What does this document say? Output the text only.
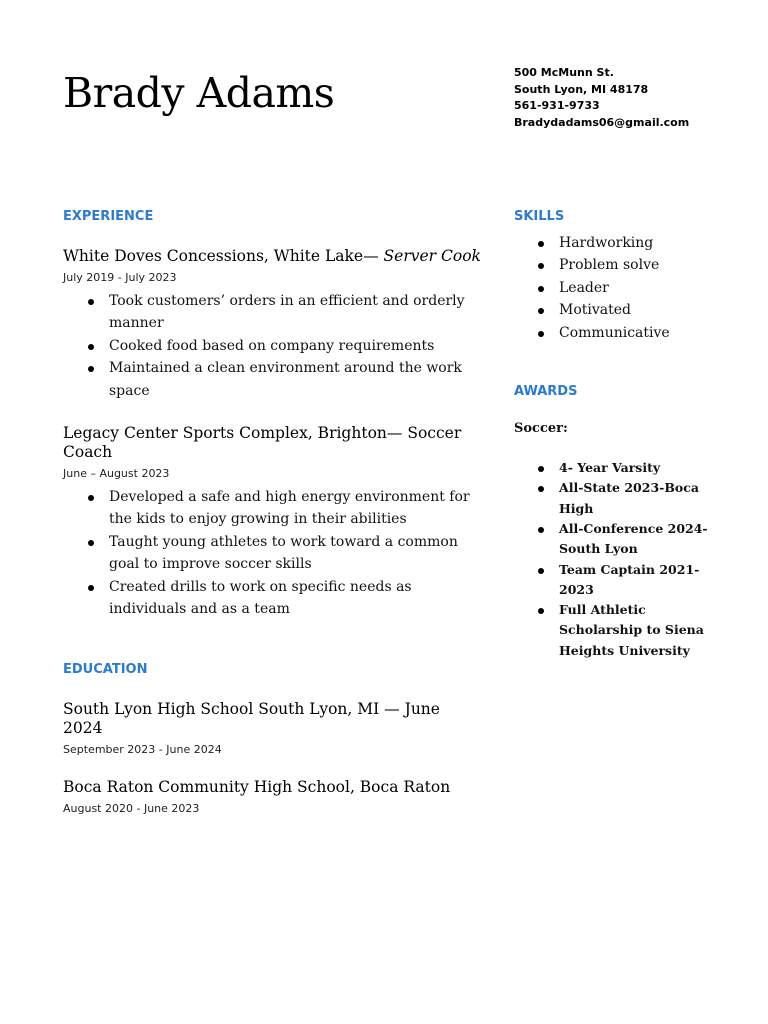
Brady Adams	500 McMunn St.
South Lyon, MI 48178
561-931-9733
Bradydadams06@gmail.com
EXPERIENCE

White Doves Concessions, White Lake— Server Cook

July 2019 - July 2023

Took customers’ orders in an efficient and orderly manner
Cooked food based on company requirements
Maintained a clean environment around the work space

Legacy Center Sports Complex, Brighton— Soccer Coach

June – August 2023

Developed a safe and high energy environment for the kids to enjoy growing in their abilities
Taught young athletes to work toward a common goal to improve soccer skills
Created drills to work on specific needs as individuals and as a team
EDUCATION

South Lyon High School South Lyon, MI — June 2024

September 2023 - June 2024

Boca Raton Community High School, Boca Raton

August 2020 - June 2023

SKILLS
Hardworking
Problem solve
Leader
Motivated
Communicative
AWARDS

Soccer:

4- Year Varsity
All-State 2023-Boca High
All-Conference 2024-South Lyon
Team Captain 2021-2023
Full Athletic Scholarship to Siena Heights University
